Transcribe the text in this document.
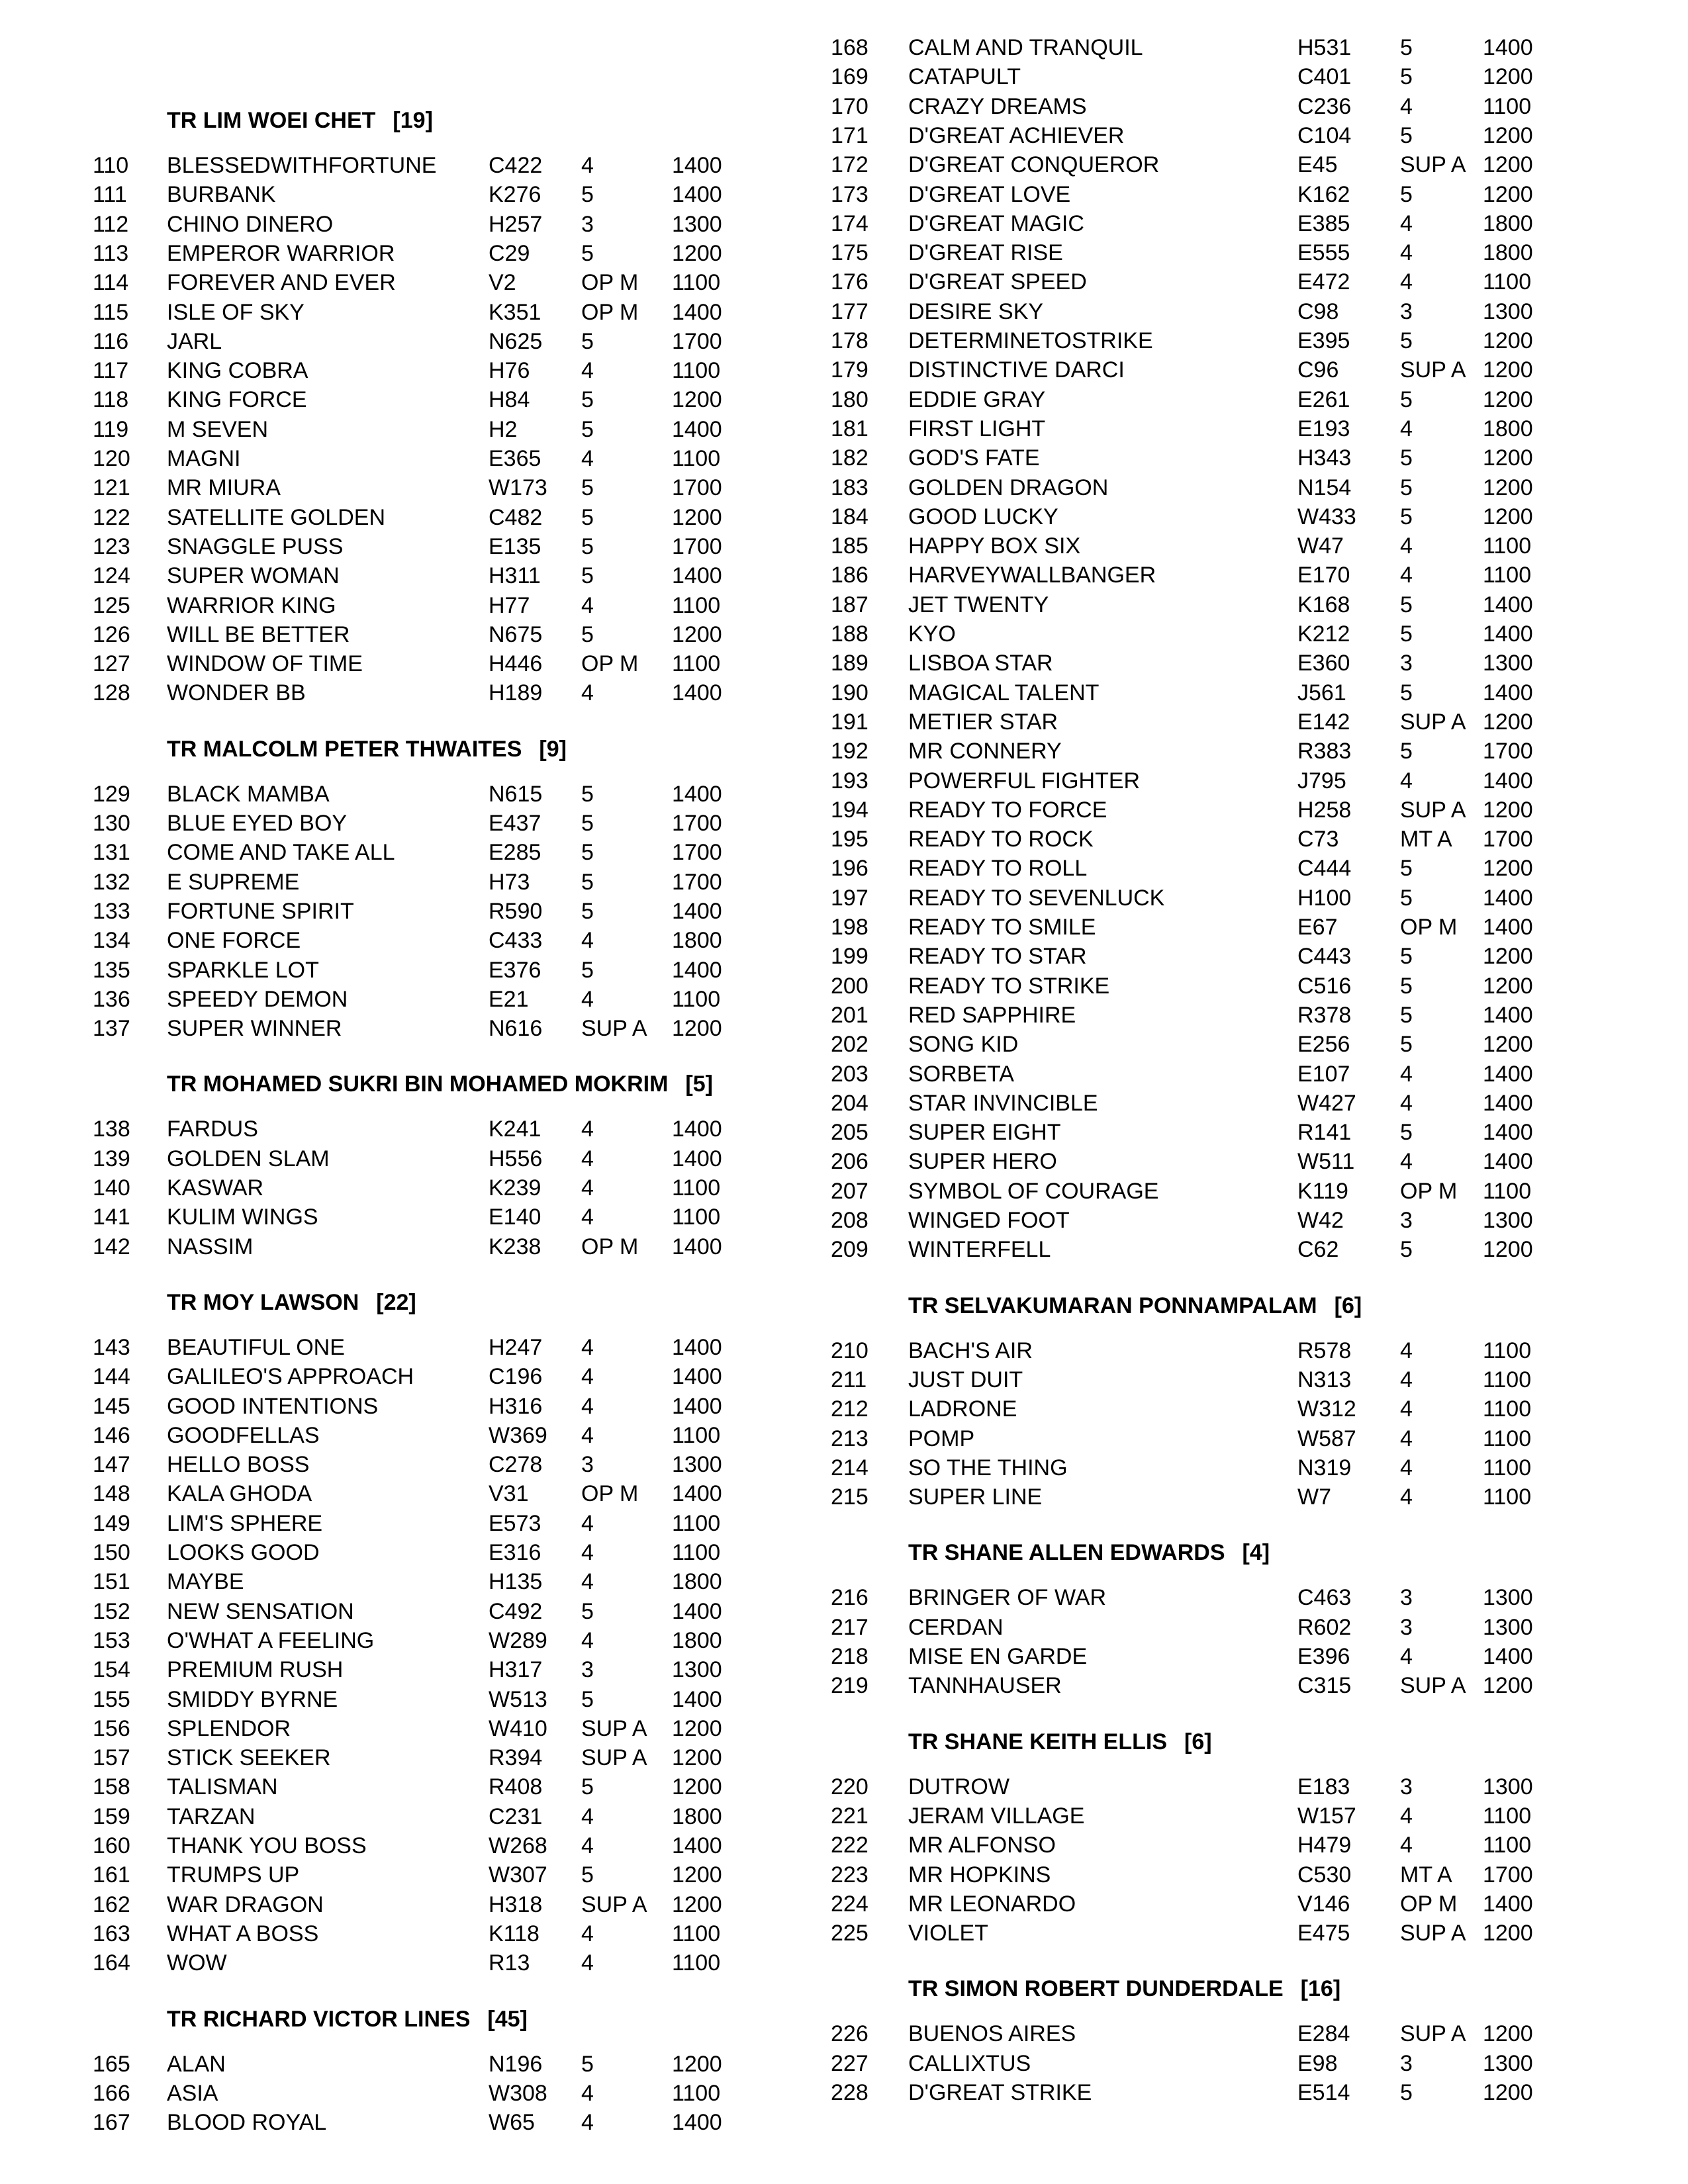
TR LIM WOEI CHET [19]
110 BLESSEDWITHFORTUNE C422 4	1400
111 BURBANK	K276 5	1400
112 CHINO DINERO	H257 3	1300
113 EMPEROR WARRIOR	C29 5	1200
114 FOREVER AND EVER	V2	OP M 1100
115 ISLE OF SKY	K351 OP M 1400
116 JARL	N625 5	1700
117 KING COBRA	H76 4	1100
118 KING FORCE	H84 5	1200
119 M SEVEN	H2	5	1400
120 MAGNI	E365 4	1100
121 MR MIURA	W173 5	1700
122 SATELLITE GOLDEN	C482 5	1200
123 SNAGGLE PUSS	E135 5	1700
124 SUPER WOMAN	H311 5	1400
125 WARRIOR KING	H77 4	1100
126 WILL BE BETTER	N675 5	1200
127 WINDOW OF TIME	H446 OP M 1100
128 WONDER BB	H189 4	1400
TR MALCOLM PETER THWAITES [9]
129 BLACK MAMBA	N615 5	1400
130 BLUE EYED BOY	E437 5	1700
131 COME AND TAKE ALL	E285 5	1700
132 E SUPREME	H73 5	1700
133 FORTUNE SPIRIT	R590 5	1400
134 ONE FORCE	C433 4	1800
135 SPARKLE LOT	E376 5	1400
136 SPEEDY DEMON	E21 4	1100
137 SUPER WINNER	N616 SUP A 1200
TR MOHAMED SUKRI BIN MOHAMED MOKRIM [5]
138 FARDUS	K241 4	1400
139 GOLDEN SLAM	H556 4	1400
140 KASWAR	K239 4	1100
141 KULIM WINGS	E140 4	1100
142 NASSIM	K238 OP M 1400
TR MOY LAWSON [22]
143 BEAUTIFUL ONE	H247 4	1400
144 GALILEO'S APPROACH	C196 4	1400
145 GOOD INTENTIONS	H316 4	1400
146 GOODFELLAS	W369 4	1100
147 HELLO BOSS	C278 3	1300
148 KALA GHODA	V31 OP M 1400
149 LIM'S SPHERE	E573 4	1100
150 LOOKS GOOD	E316 4	1100
151 MAYBE	H135 4	1800
152 NEW SENSATION	C492 5	1400
153 O'WHAT A FEELING	W289 4	1800
154 PREMIUM RUSH	H317 3	1300
155 SMIDDY BYRNE	W513 5	1400
156 SPLENDOR	W410 SUP A 1200
157 STICK SEEKER	R394 SUP A 1200
158 TALISMAN	R408 5	1200
159 TARZAN	C231 4	1800
160 THANK YOU BOSS	W268 4	1400
161 TRUMPS UP	W307 5	1200
162 WAR DRAGON	H318 SUP A 1200
163 WHAT A BOSS	K118 4	1100
164 WOW	R13 4	1100
TR RICHARD VICTOR LINES [45]
165 ALAN	N196 5	1200
166 ASIA	W308 4	1100
167 BLOOD ROYAL	W65 4	1400
168 CALM AND TRANQUIL	H531 5	1400
169 CATAPULT	C401 5	1200
170 CRAZY DREAMS	C236 4	1100
171 D'GREAT ACHIEVER	C104 5	1200
172 D'GREAT CONQUEROR	E45	SUP A 1200
173 D'GREAT LOVE	K162 5	1200
174 D'GREAT MAGIC	E385 4	1800
175 D'GREAT RISE	E555 4	1800
176 D'GREAT SPEED	E472 4	1100
177 DESIRE SKY	C98	3	1300
178 DETERMINETOSTRIKE	E395 5	1200
179 DISTINCTIVE DARCI	C96	SUP A 1200
180 EDDIE GRAY	E261 5	1200
181 FIRST LIGHT	E193 4	1800
182 GOD'S FATE	H343 5	1200
183 GOLDEN DRAGON	N154 5	1200
184 GOOD LUCKY	W433 5	1200
185 HAPPY BOX SIX	W47	4	1100
186 HARVEYWALLBANGER	E170 4	1100
187 JET TWENTY	K168 5	1400
188 KYO	K212 5	1400
189 LISBOA STAR	E360 3	1300
190 MAGICAL TALENT	J561 5	1400
191 METIER STAR	E142 SUP A 1200
192 MR CONNERY	R383 5	1700
193 POWERFUL FIGHTER	J795 4	1400
194 READY TO FORCE	H258 SUP A 1200
195 READY TO ROCK	C73	MT A 1700
196 READY TO ROLL	C444 5	1200
197 READY TO SEVENLUCK	H100 5	1400
198 READY TO SMILE	E67	OP M 1400
199 READY TO STAR	C443 5	1200
200 READY TO STRIKE	C516 5	1200
201 RED SAPPHIRE	R378 5	1400
202 SONG KID	E256 5	1200
203 SORBETA	E107 4	1400
204 STAR INVINCIBLE	W427 4	1400
205 SUPER EIGHT	R141 5	1400
206 SUPER HERO	W511 4	1400
207 SYMBOL OF COURAGE	K119 OP M 1100
208 WINGED FOOT	W42	3	1300
209 WINTERFELL	C62	5	1200
TR SELVAKUMARAN PONNAMPALAM [6]
210 BACH'S AIR	R578 4	1100
211 JUST DUIT	N313 4	1100
212 LADRONE	W312 4	1100
213 POMP	W587 4	1100
214 SO THE THING	N319 4	1100
215 SUPER LINE	W7	4	1100
TR SHANE ALLEN EDWARDS [4]
216 BRINGER OF WAR	C463 3	1300
217 CERDAN	R602 3	1300
218 MISE EN GARDE	E396 4	1400
219 TANNHAUSER	C315 SUP A 1200
TR SHANE KEITH ELLIS [6]
220 DUTROW	E183 3	1300
221 JERAM VILLAGE	W157 4	1100
222 MR ALFONSO	H479 4	1100
223 MR HOPKINS	C530 MT A 1700
224 MR LEONARDO	V146 OP M 1400
225 VIOLET	E475 SUP A 1200
TR SIMON ROBERT DUNDERDALE [16]
226 BUENOS AIRES	E284 SUP A 1200
227 CALLIXTUS	E98	3	1300
228 D'GREAT STRIKE	E514 5	1200
